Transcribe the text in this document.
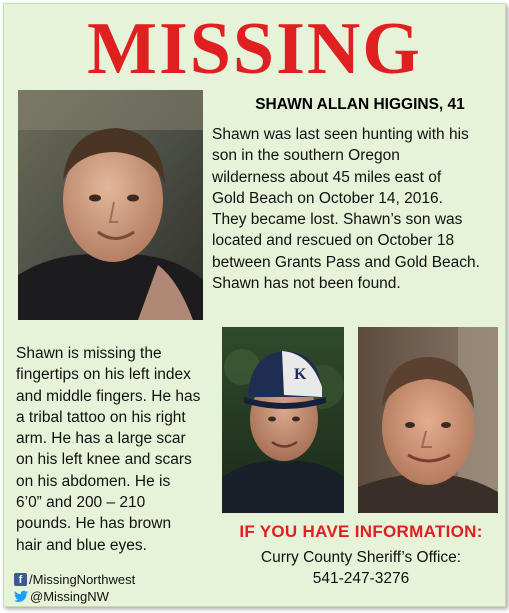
MISSING
SHAWN ALLAN HIGGINS, 41
Shawn was last seen hunting with his
son in the southern Oregon
wilderness about 45 miles east of
Gold Beach on October 14, 2016.
They became lost. Shawn’s son was
located and rescued on October 18
between Grants Pass and Gold Beach.
Shawn has not been found.
Shawn is missing the
fingertips on his left index
and middle fingers. He has
a tribal tattoo on his right
arm. He has a large scar
on his left knee and scars
on his abdomen. He is
6’0” and 200 – 210
pounds. He has brown
hair and blue eyes.
K
IF YOU HAVE INFORMATION:
Curry County Sheriff’s Office:
541-247-3276
f /MissingNorthwest
@MissingNW
